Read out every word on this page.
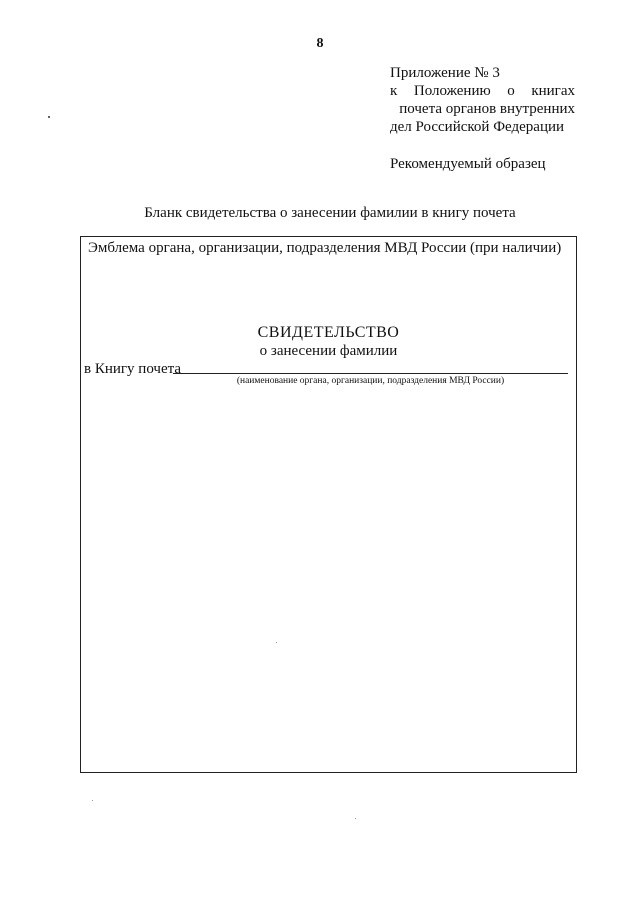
8
Приложение № 3
к Положению о книгах
почета органов внутренних
дел Российской Федерации
Рекомендуемый образец
Бланк свидетельства о занесении фамилии в книгу почета
Эмблема органа, организации, подразделения МВД России (при наличии)
СВИДЕТЕЛЬСТВО
о занесении фамилии
в Книгу почета
(наименование органа, организации, подразделения МВД России)
